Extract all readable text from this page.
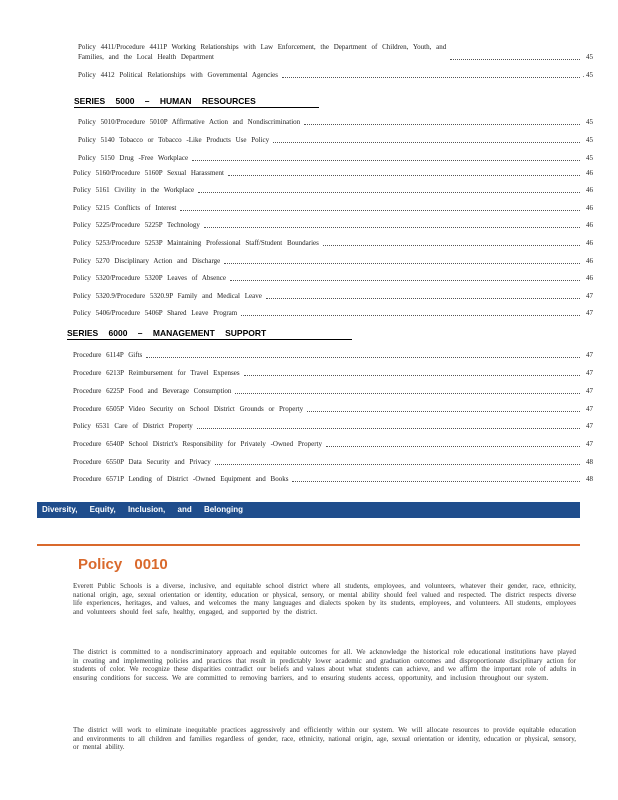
Policy 4411/Procedure 4411P Working Relationships with Law Enforcement, the Department of Children, Youth, and
Families, and the Local Health Department	45
Policy 4412 Political Relationships with Governmental Agencies	. 45
SERIES 5000 – HUMAN RESOURCES
Policy 5010/Procedure 5010P Affirmative Action and Nondiscrimination	45
Policy 5140 Tobacco or Tobacco -Like Products Use Policy	45
Policy 5150 Drug -Free Workplace	45
Policy 5160/Procedure 5160P Sexual Harassment	46
Policy 5161 Civility in the Workplace	46
Policy 5215 Conflicts of Interest	46
Policy 5225/Procedure 5225P Technology	46
Policy 5253/Procedure 5253P Maintaining Professional Staff/Student Boundaries	46
Policy 5270 Disciplinary Action and Discharge	46
Policy 5320/Procedure 5320P Leaves of Absence	46
Policy 5320.9/Procedure 5320.9P Family and Medical Leave	47
Policy 5406/Procedure 5406P Shared Leave Program	47
SERIES 6000 – MANAGEMENT SUPPORT
Procedure 6114P Gifts	47
Procedure 6213P Reimbursement for Travel Expenses	47
Procedure 6225P Food and Beverage Consumption	47
Procedure 6505P Video Security on School District Grounds or Property	47
Policy 6531 Care of District Property	47
Procedure 6540P School District's Responsibility for Privately -Owned Property	47
Procedure 6550P Data Security and Privacy	48
Procedure 6571P Lending of District -Owned Equipment and Books	48
Diversity, Equity, Inclusion, and Belonging
Policy 0010

Everett Public Schools is a diverse, inclusive, and equitable school district where all students, employees, and volunteers, whatever their gender, race, ethnicity, national origin, age, sexual orientation or identity, education or physical, sensory, or mental ability should feel valued and respected. The district respects diverse life experiences, heritages, and values, and welcomes the many languages and dialects spoken by its students, employees, and volunteers. All students, employees and volunteers should feel safe, healthy, engaged, and supported by the district.

The district is committed to a nondiscriminatory approach and equitable outcomes for all. We acknowledge the historical role educational institutions have played in creating and implementing policies and practices that result in predictably lower academic and graduation outcomes and disproportionate disciplinary action for students of color. We recognize these disparities contradict our beliefs and values about what students can achieve, and we affirm the important role of adults in ensuring conditions for success. We are committed to removing barriers, and to ensuring students access, opportunity, and inclusion throughout our system.

The district will work to eliminate inequitable practices aggressively and efficiently within our system. We will allocate resources to provide equitable education and environments to all children and families regardless of gender, race, ethnicity, national origin, age, sexual orientation or identity, education or physical, sensory, or mental ability.
